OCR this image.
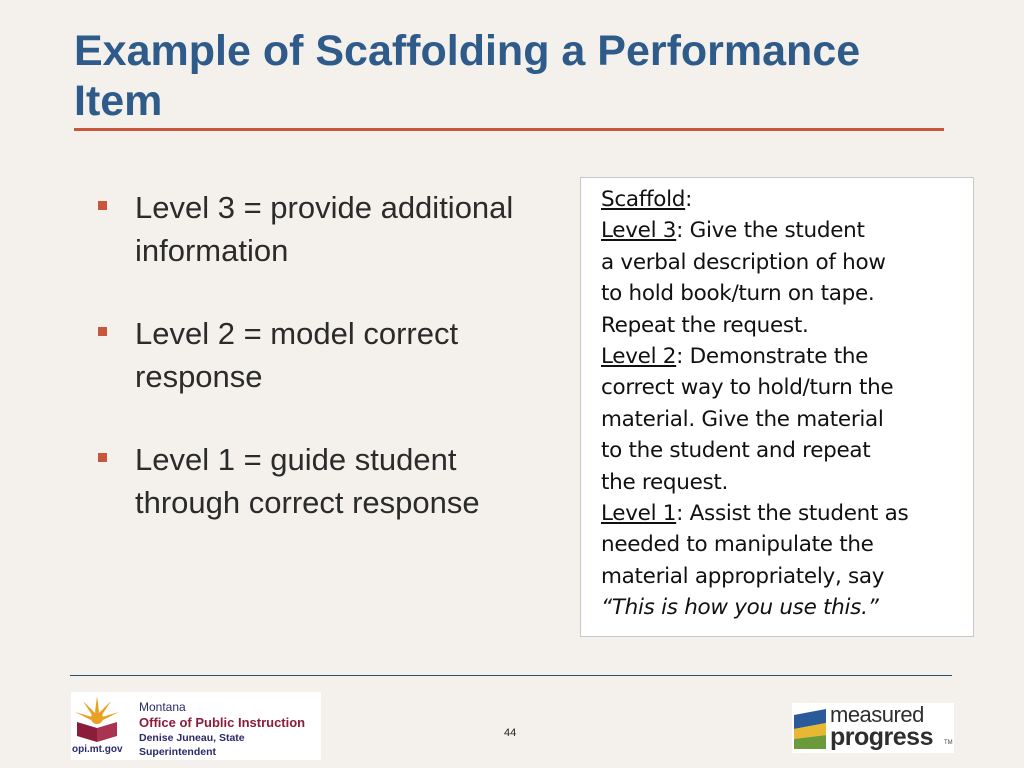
Example of Scaffolding a Performance Item
Level 3 = provide additional information
Level 2 = model correct response
Level 1 = guide student through correct response
Scaffold:
Level 3: Give the student
a verbal description of how
to hold book/turn on tape.
Repeat the request.
Level 2: Demonstrate the
correct way to hold/turn the
material. Give the material
to the student and repeat
the request.
Level 1: Assist the student as
needed to manipulate the
material appropriately, say
“This is how you use this.”
opi.mt.gov
Montana
Office of Public Instruction
Denise Juneau, State Superintendent
44
measured
progress TM
